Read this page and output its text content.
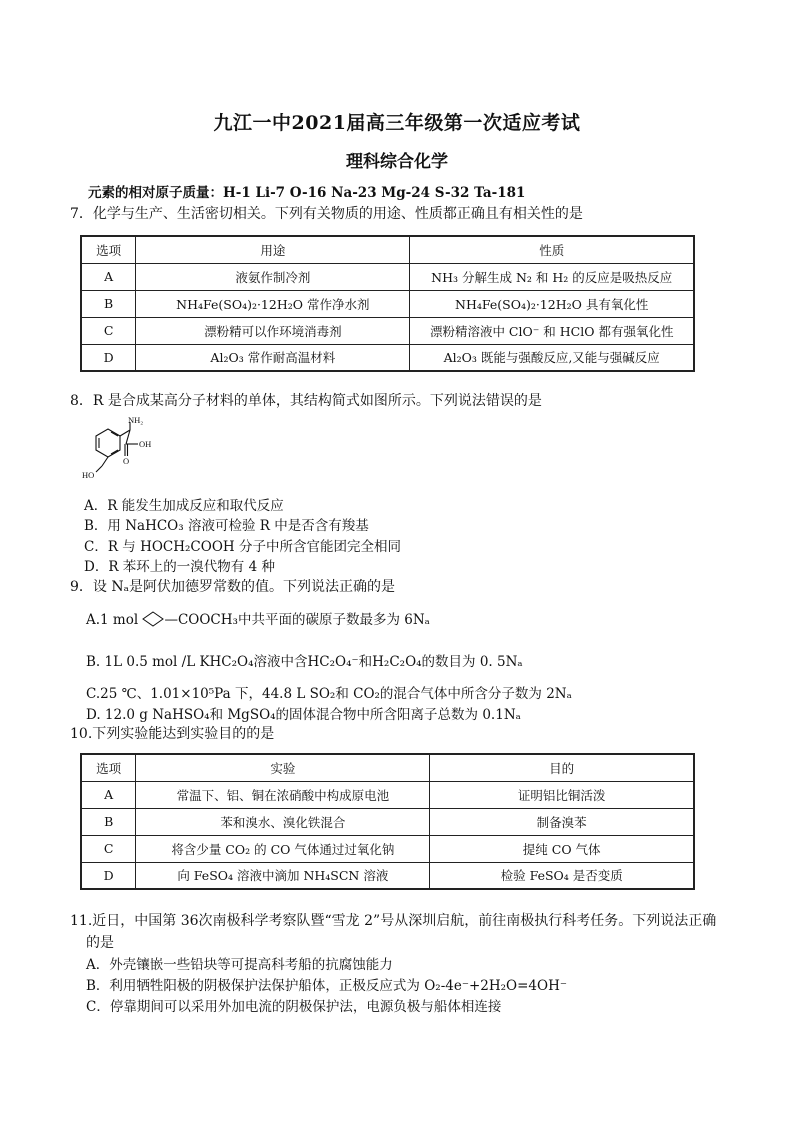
九江一中2021届高三年级第一次适应考试
理科综合化学
元素的相对原子质量：H-1 Li-7 O-16 Na-23 Mg-24 S-32 Ta-181
7．化学与生产、生活密切相关。下列有关物质的用途、性质都正确且有相关性的是
选项	用途	性质
A	液氨作制冷剂	NH₃ 分解生成 N₂ 和 H₂ 的反应是吸热反应
B	NH₄Fe(SO₄)₂·12H₂O 常作净水剂	NH₄Fe(SO₄)₂·12H₂O 具有氧化性
C	漂粉精可以作环境消毒剂	漂粉精溶液中 ClO⁻ 和 HClO 都有强氧化性
D	Al₂O₃ 常作耐高温材料	Al₂O₃ 既能与强酸反应,又能与强碱反应
8．R 是合成某高分子材料的单体，其结构简式如图所示。下列说法错误的是
NH₂
OH
O
HO
A．R 能发生加成反应和取代反应
B．用 NaHCO₃ 溶液可检验 R 中是否含有羧基
C．R 与 HOCH₂COOH 分子中所含官能团完全相同
D．R 苯环上的一溴代物有 4 种
9．设 Nₐ是阿伏加德罗常数的值。下列说法正确的是
A.1 mol —COOCH₃中共平面的碳原子数最多为 6Nₐ
B. 1L 0.5 mol /L KHC₂O₄溶液中含HC₂O₄⁻和H₂C₂O₄的数目为 0. 5Nₐ
C.25 ℃、1.01×10⁵Pa 下，44.8 L SO₂和 CO₂的混合气体中所含分子数为 2Nₐ
D. 12.0 g NaHSO₄和 MgSO₄的固体混合物中所含阳离子总数为 0.1Nₐ
10.下列实验能达到实验目的的是
选项	实验	目的
A	常温下、铝、铜在浓硝酸中构成原电池	证明铝比铜活泼
B	苯和溴水、溴化铁混合	制备溴苯
C	将含少量 CO₂ 的 CO 气体通过过氧化钠	提纯 CO 气体
D	向 FeSO₄ 溶液中滴加 NH₄SCN 溶液	检验 FeSO₄ 是否变质
11.近日，中国第 36次南极科学考察队暨“雪龙 2”号从深圳启航，前往南极执行科考任务。下列说法正确
的是
A．外壳镶嵌一些铅块等可提高科考船的抗腐蚀能力
B．利用牺牲阳极的阴极保护法保护船体，正极反应式为 O₂-4e⁻+2H₂O=4OH⁻
C．停靠期间可以采用外加电流的阴极保护法，电源负极与船体相连接
